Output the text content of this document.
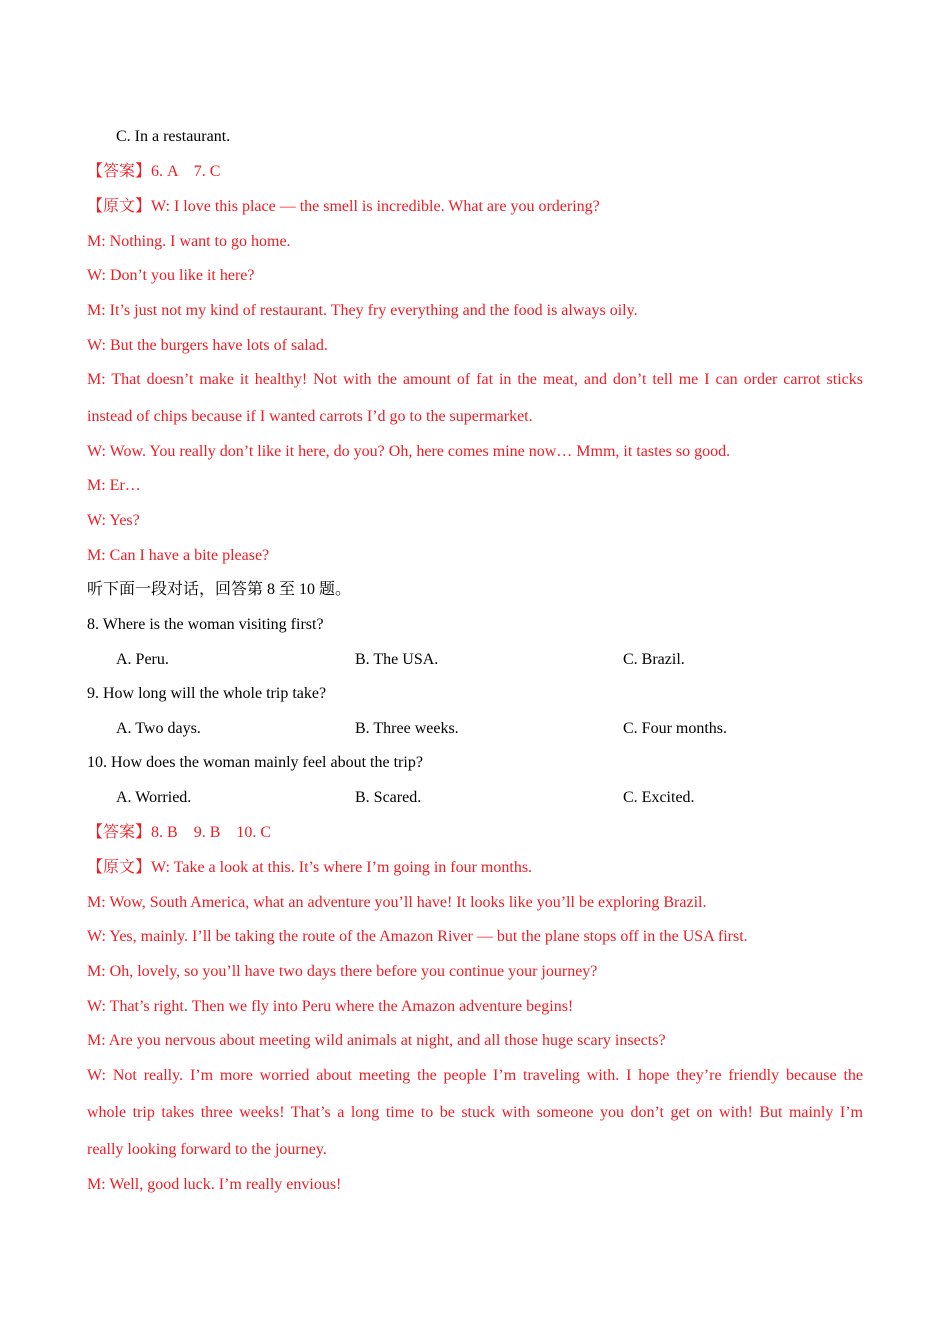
C. In a restaurant.
【答案】6. A    7. C
【原文】W: I love this place — the smell is incredible. What are you ordering?
M: Nothing. I want to go home.
W: Don’t you like it here?
M: It’s just not my kind of restaurant. They fry everything and the food is always oily.
W: But the burgers have lots of salad.
M: That doesn’t make it healthy! Not with the amount of fat in the meat, and don’t tell me I can order carrot sticks
instead of chips because if I wanted carrots I’d go to the supermarket.
W: Wow. You really don’t like it here, do you? Oh, here comes mine now… Mmm, it tastes so good.
M: Er…
W: Yes?
M: Can I have a bite please?
听下面一段对话，回答第 8 至 10 题。
8. Where is the woman visiting first?
A. Peru.	B. The USA.	C. Brazil.
9. How long will the whole trip take?
A. Two days.	B. Three weeks.	C. Four months.
10. How does the woman mainly feel about the trip?
A. Worried.	B. Scared.	C. Excited.
【答案】8. B    9. B    10. C
【原文】W: Take a look at this. It’s where I’m going in four months.
M: Wow, South America, what an adventure you’ll have! It looks like you’ll be exploring Brazil.
W: Yes, mainly. I’ll be taking the route of the Amazon River — but the plane stops off in the USA first.
M: Oh, lovely, so you’ll have two days there before you continue your journey?
W: That’s right. Then we fly into Peru where the Amazon adventure begins!
M: Are you nervous about meeting wild animals at night, and all those huge scary insects?
W: Not really. I’m more worried about meeting the people I’m traveling with. I hope they’re friendly because the
whole trip takes three weeks! That’s a long time to be stuck with someone you don’t get on with! But mainly I’m
really looking forward to the journey.
M: Well, good luck. I’m really envious!
